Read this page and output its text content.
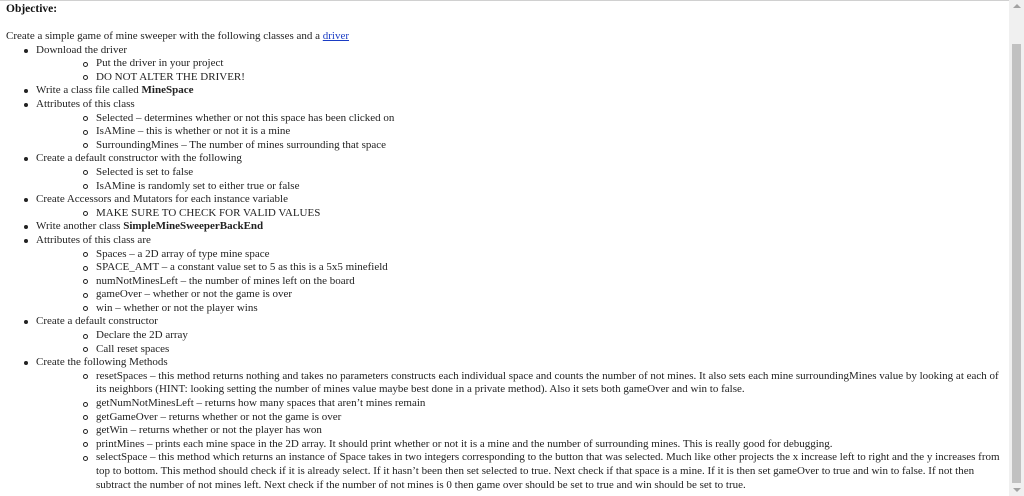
Objective:

Create a simple game of mine sweeper with the following classes and a driver

Download the driver
Put the driver in your project
DO NOT ALTER THE DRIVER!
Write a class file called MineSpace
Attributes of this class
Selected – determines whether or not this space has been clicked on
IsAMine – this is whether or not it is a mine
SurroundingMines – The number of mines surrounding that space
Create a default constructor with the following
Selected is set to false
IsAMine is randomly set to either true or false
Create Accessors and Mutators for each instance variable
MAKE SURE TO CHECK FOR VALID VALUES
Write another class SimpleMineSweeperBackEnd
Attributes of this class are
Spaces – a 2D array of type mine space
SPACE_AMT – a constant value set to 5 as this is a 5x5 minefield
numNotMinesLeft – the number of mines left on the board
gameOver – whether or not the game is over
win – whether or not the player wins
Create a default constructor
Declare the 2D array
Call reset spaces
Create the following Methods
resetSpaces – this method returns nothing and takes no parameters constructs each individual space and counts the number of not mines. It also sets each mine surroundingMines value by looking at each of its neighbors (HINT: looking setting the number of mines value maybe best done in a private method). Also it sets both gameOver and win to false.
getNumNotMinesLeft – returns how many spaces that aren’t mines remain
getGameOver – returns whether or not the game is over
getWin – returns whether or not the player has won
printMines – prints each mine space in the 2D array. It should print whether or not it is a mine and the number of surrounding mines. This is really good for debugging.
selectSpace – this method which returns an instance of Space takes in two integers corresponding to the button that was selected. Much like other projects the x increase left to right and the y increases from top to bottom. This method should check if it is already select. If it hasn’t been then set selected to true. Next check if that space is a mine. If it is then set gameOver to true and win to false. If not then subtract the number of not mines left. Next check if the number of not mines is 0 then game over should be set to true and win should be set to true.
